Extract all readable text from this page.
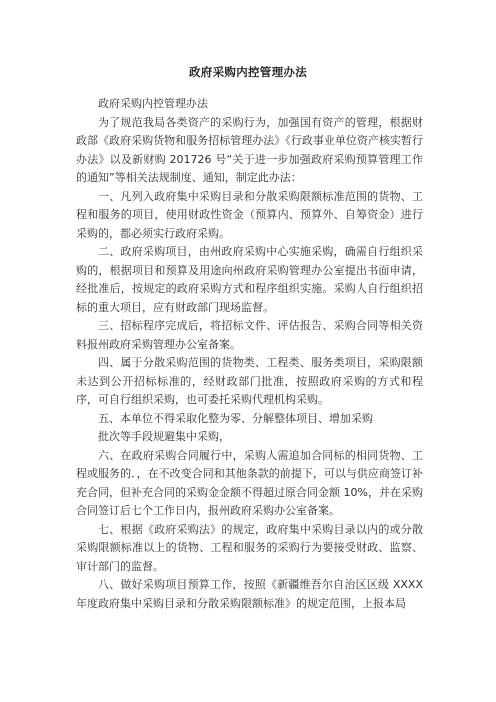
政府采购内控管理办法

政府采购内控管理办法

为了规范我局各类资产的采购行为，加强国有资产的管理，根据财政部《政府采购货物和服务招标管理办法》《行政事业单位资产核实暂行办法》以及新财购 201726 号“关于进一步加强政府采购预算管理工作的通知”等相关法规制度、通知，制定此办法：

一、凡列入政府集中采购目录和分散采购限额标准范围的货物、工程和服务的项目，使用财政性资金（预算内、预算外、自筹资金）进行采购的，都必须实行政府采购。

二、政府采购项目，由州政府采购中心实施采购，确需自行组织采购的，根据项目和预算及用途向州政府采购管理办公室提出书面申请，经批准后，按规定的政府采购方式和程序组织实施。采购人自行组织招标的重大项目，应有财政部门现场监督。

三、招标程序完成后，将招标文件、评估报告、采购合同等相关资料报州政府采购管理办公室备案。

四、属于分散采购范围的货物类、工程类、服务类项目，采购限额未达到公开招标标准的，经财政部门批准，按照政府采购的方式和程序，可自行组织采购，也可委托采购代理机构采购。

五、本单位不得采取化整为零、分解整体项目、增加采购

批次等手段规避集中采购，

六、在政府采购合同履行中，采购人需追加合同标的相同货物、工程或服务的．，在不改变合同和其他条款的前提下，可以与供应商签订补充合同，但补充合同的采购金金额不得超过原合同金额 10%，并在采购合同签订后七个工作日内，报州政府采购办公室备案。

七、根据《政府采购法》的规定，政府集中采购目录以内的或分散采购限额标准以上的货物、工程和服务的采购行为要接受财政、监察、审计部门的监督。

八、做好采购项目预算工作，按照《新疆维吾尔自治区区级 XXXX 年度政府集中采购目录和分散采购限额标准》的规定范围，上报本局
